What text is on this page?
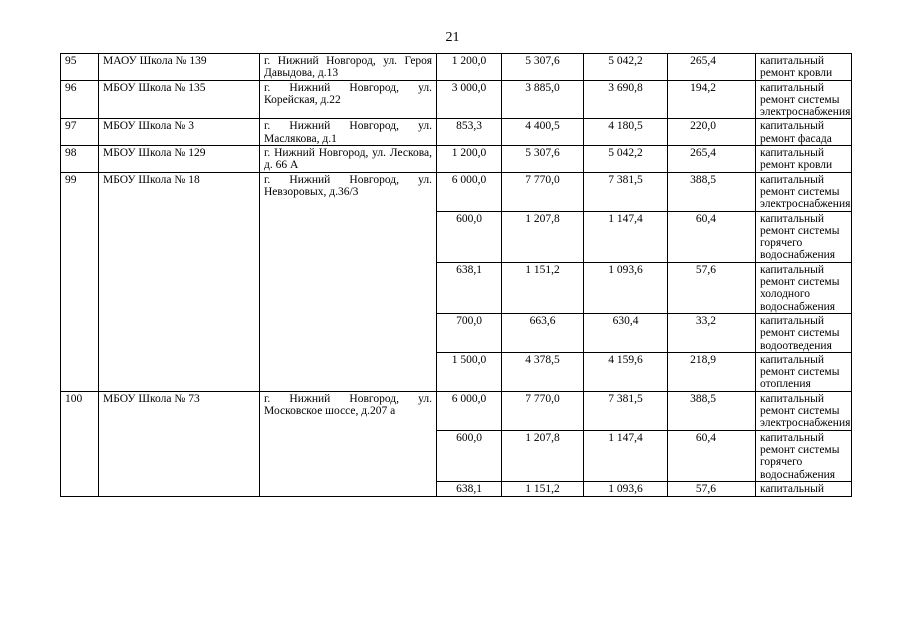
21
95	МАОУ Школа № 139	г. Нижний Новгород, ул. Героя Давыдова, д.13	1 200,0	5 307,6	5 042,2	265,4	капитальный ремонт кровли
96	МБОУ Школа № 135	г. Нижний Новгород, ул. Корейская, д.22	3 000,0	3 885,0	3 690,8	194,2	капитальный ремонт системы электроснабжения
97	МБОУ Школа № 3	г. Нижний Новгород, ул. Маслякова, д.1	853,3	4 400,5	4 180,5	220,0	капитальный ремонт фасада
98	МБОУ Школа № 129	г. Нижний Новгород, ул. Лескова, д. 66 А	1 200,0	5 307,6	5 042,2	265,4	капитальный ремонт кровли
99	МБОУ Школа № 18	г. Нижний Новгород, ул. Невзоровых, д.36/3	6 000,0	7 770,0	7 381,5	388,5	капитальный ремонт системы электроснабжения
			600,0	1 207,8	1 147,4	60,4	капитальный ремонт системы горячего водоснабжения
			638,1	1 151,2	1 093,6	57,6	капитальный ремонт системы холодного водоснабжения
			700,0	663,6	630,4	33,2	капитальный ремонт системы водоотведения
			1 500,0	4 378,5	4 159,6	218,9	капитальный ремонт системы отопления
100	МБОУ Школа № 73	г. Нижний Новгород, ул. Московское шоссе, д.207 а	6 000,0	7 770,0	7 381,5	388,5	капитальный ремонт системы электроснабжения
			600,0	1 207,8	1 147,4	60,4	капитальный ремонт системы горячего водоснабжения
			638,1	1 151,2	1 093,6	57,6	капитальный
